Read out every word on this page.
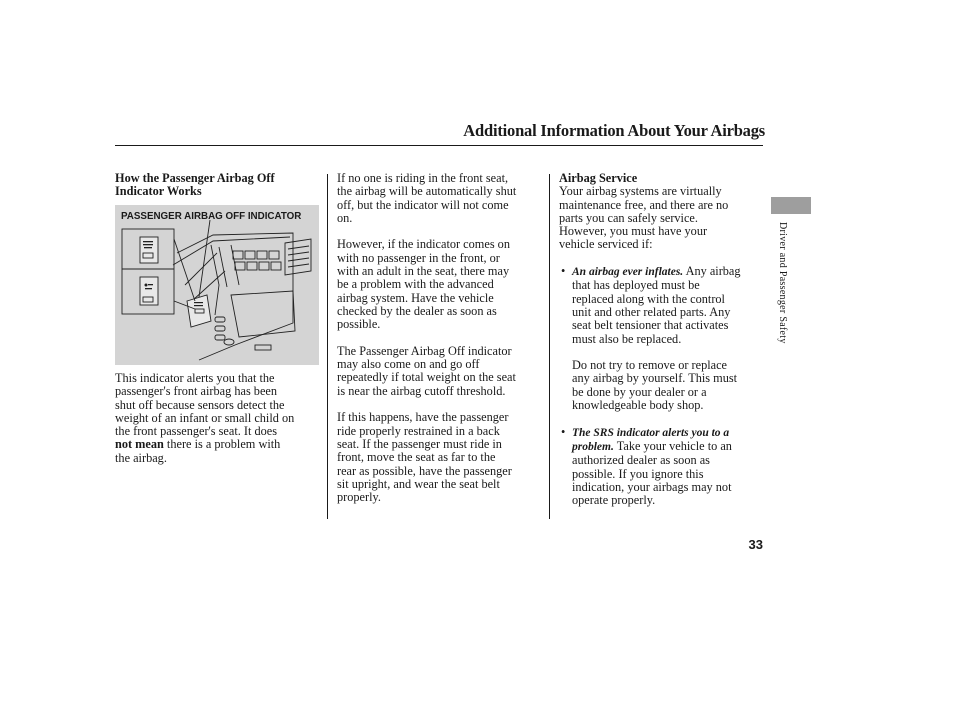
Additional Information About Your Airbags

How the Passenger Airbag Off
Indicator Works

PASSENGER AIRBAG OFF INDICATOR

This indicator alerts you that the
passenger's front airbag has been
shut off because sensors detect the
weight of an infant or small child on
the front passenger's seat. It does
not mean there is a problem with
the airbag.

If no one is riding in the front seat,
the airbag will be automatically shut
off, but the indicator will not come
on.

However, if the indicator comes on
with no passenger in the front, or
with an adult in the seat, there may
be a problem with the advanced
airbag system. Have the vehicle
checked by the dealer as soon as
possible.

The Passenger Airbag Off indicator
may also come on and go off
repeatedly if total weight on the seat
is near the airbag cutoff threshold.

If this happens, have the passenger
ride properly restrained in a back
seat. If the passenger must ride in
front, move the seat as far to the
rear as possible, have the passenger
sit upright, and wear the seat belt
properly.

Airbag Service

Your airbag systems are virtually
maintenance free, and there are no
parts you can safely service.
However, you must have your
vehicle serviced if:

• An airbag ever inflates. Any airbag
that has deployed must be
replaced along with the control
unit and other related parts. Any
seat belt tensioner that activates
must also be replaced.

Do not try to remove or replace
any airbag by yourself. This must
be done by your dealer or a
knowledgeable body shop.

• The SRS indicator alerts you to a
problem. Take your vehicle to an
authorized dealer as soon as
possible. If you ignore this
indication, your airbags may not
operate properly.
Driver and Passenger Safety
33
